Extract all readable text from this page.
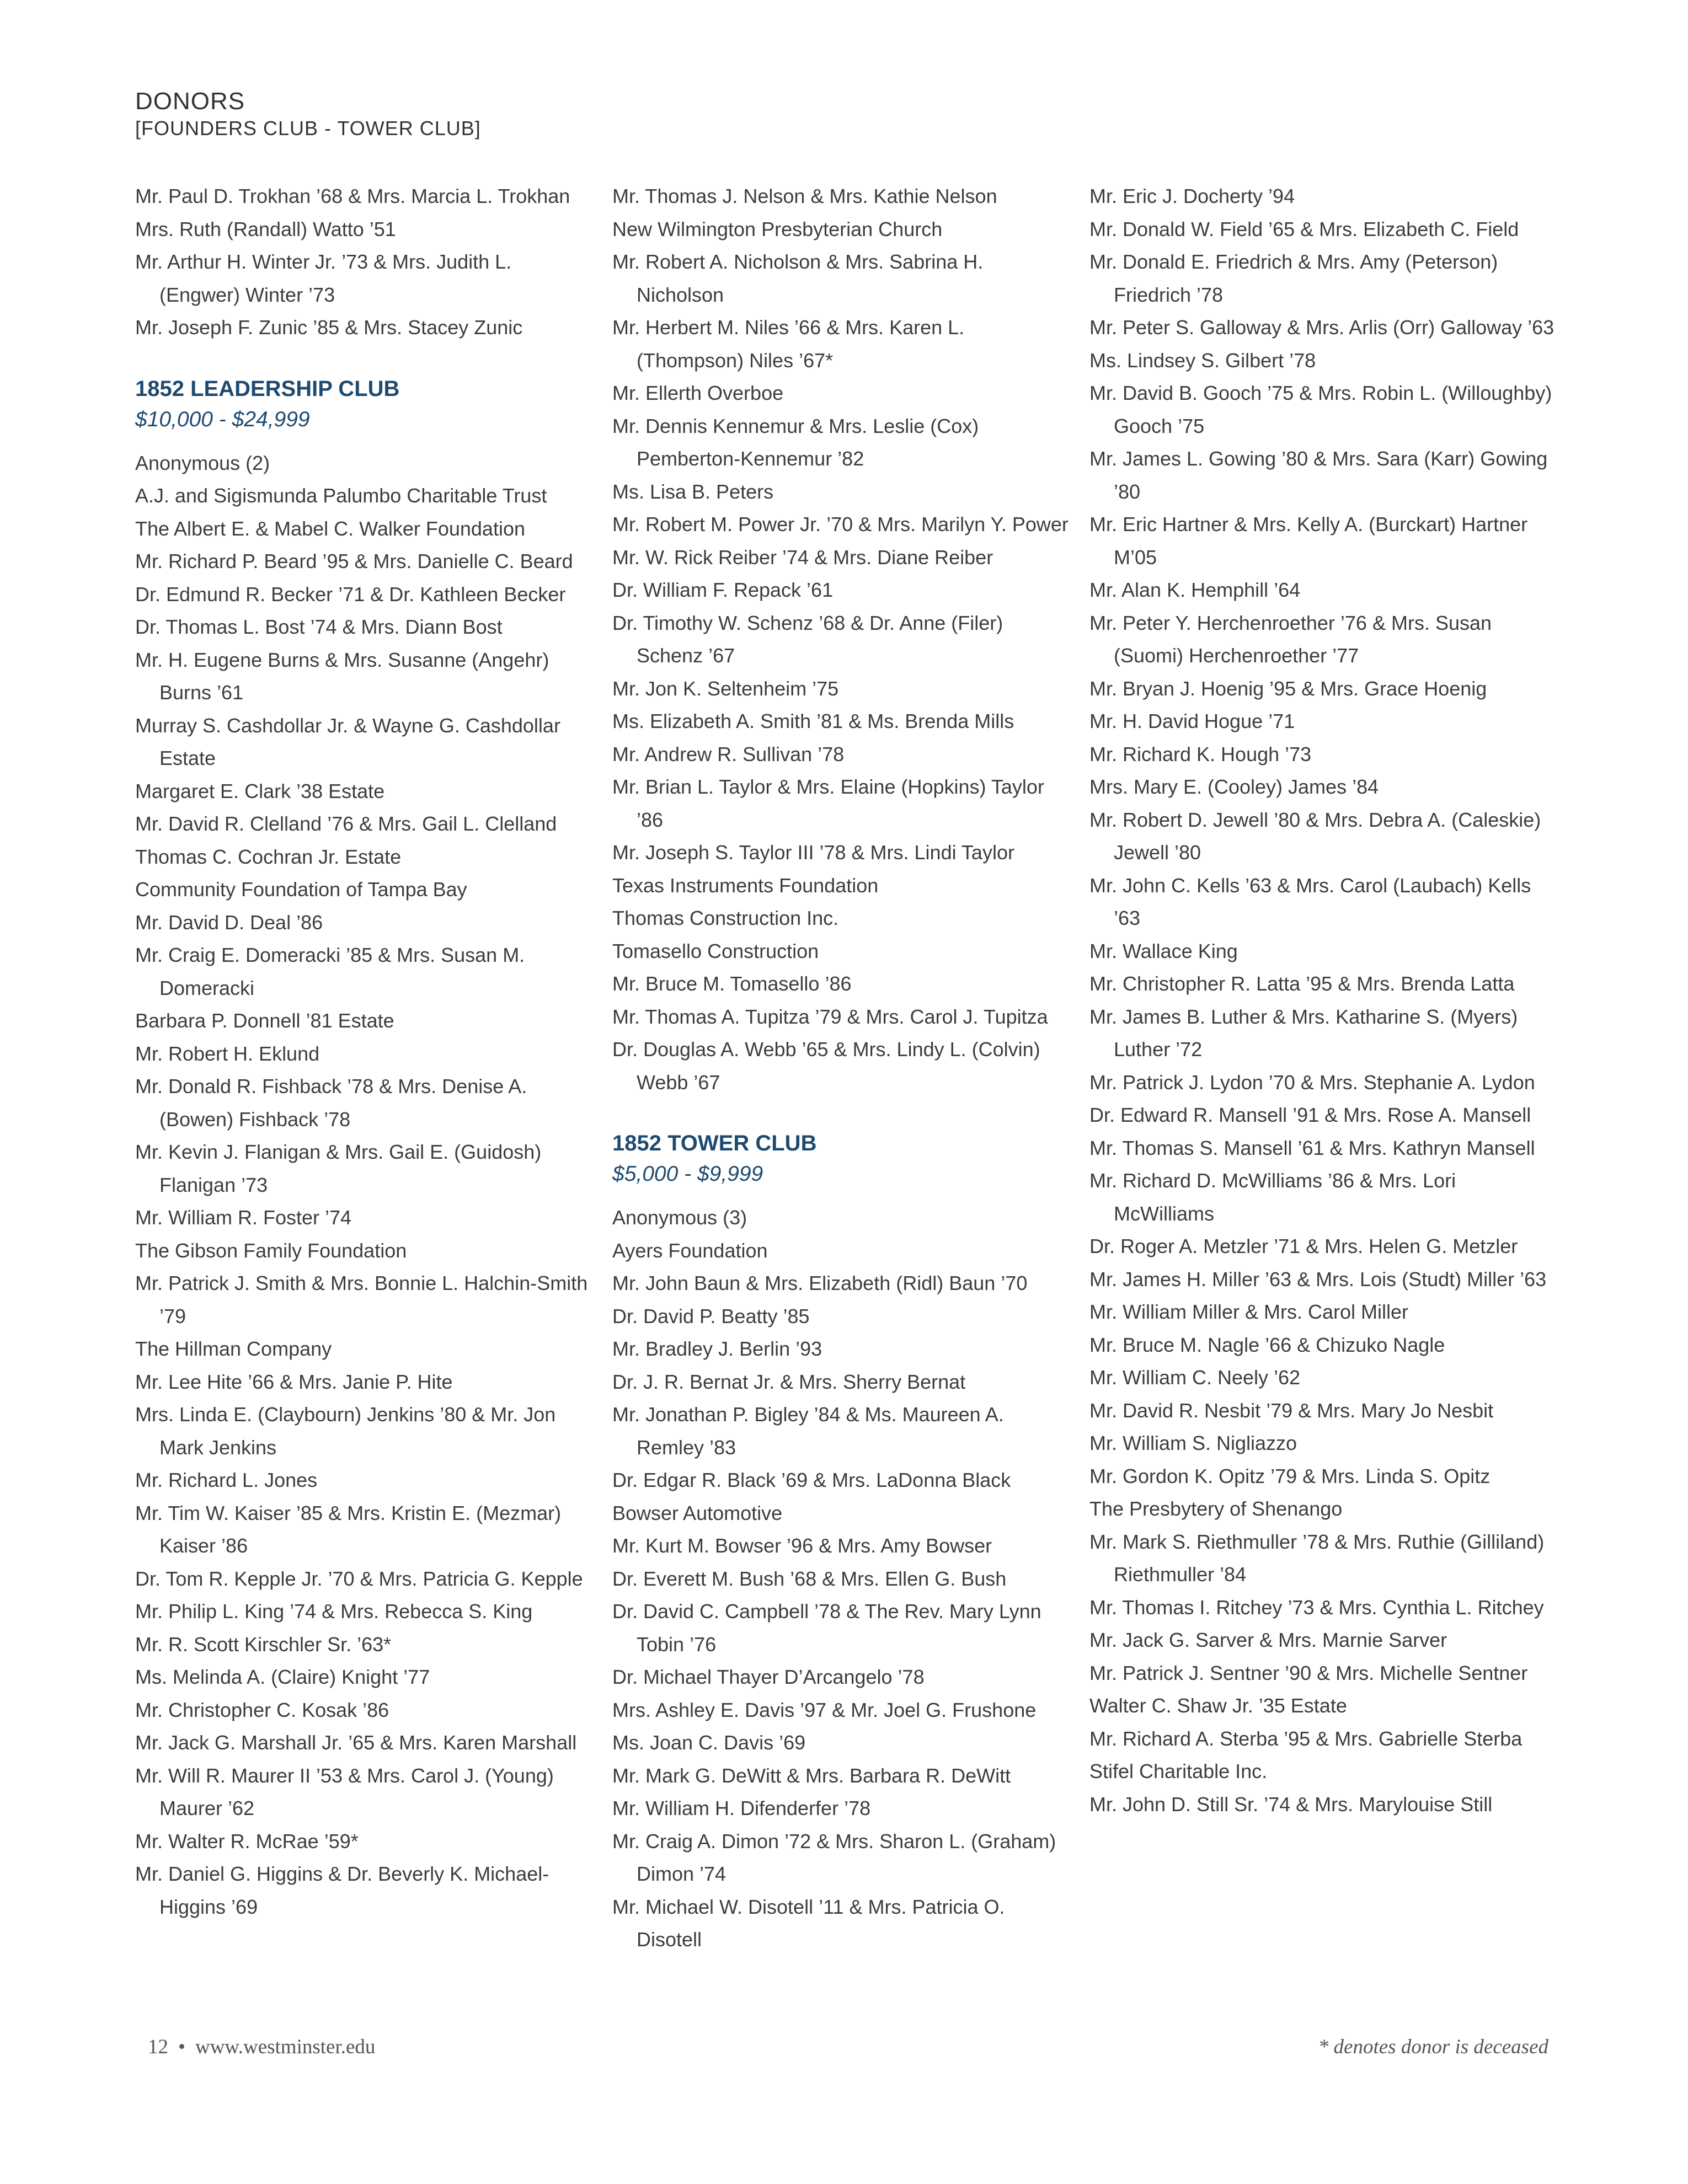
DONORS
[FOUNDERS CLUB - TOWER CLUB]
Mr. Paul D. Trokhan ’68 & Mrs. Marcia L. Trokhan
Mrs. Ruth (Randall) Watto ’51
Mr. Arthur H. Winter Jr. ’73 & Mrs. Judith L. (Engwer) Winter ’73
Mr. Joseph F. Zunic ’85 & Mrs. Stacey Zunic
1852 LEADERSHIP CLUB
$10,000 - $24,999
Anonymous (2)
A.J. and Sigismunda Palumbo Charitable Trust
The Albert E. & Mabel C. Walker Foundation
Mr. Richard P. Beard ’95 & Mrs. Danielle C. Beard
Dr. Edmund R. Becker ’71 & Dr. Kathleen Becker
Dr. Thomas L. Bost ’74 & Mrs. Diann Bost
Mr. H. Eugene Burns & Mrs. Susanne (Angehr) Burns ’61
Murray S. Cashdollar Jr. & Wayne G. Cashdollar Estate
Margaret E. Clark ’38 Estate
Mr. David R. Clelland ’76 & Mrs. Gail L. Clelland
Thomas C. Cochran Jr. Estate
Community Foundation of Tampa Bay
Mr. David D. Deal ’86
Mr. Craig E. Domeracki ’85 & Mrs. Susan M. Domeracki
Barbara P. Donnell ’81 Estate
Mr. Robert H. Eklund
Mr. Donald R. Fishback ’78 & Mrs. Denise A. (Bowen) Fishback ’78
Mr. Kevin J. Flanigan & Mrs. Gail E. (Guidosh) Flanigan ’73
Mr. William R. Foster ’74
The Gibson Family Foundation
Mr. Patrick J. Smith & Mrs. Bonnie L. Halchin-Smith ’79
The Hillman Company
Mr. Lee Hite ’66 & Mrs. Janie P. Hite
Mrs. Linda E. (Claybourn) Jenkins ’80 & Mr. Jon Mark Jenkins
Mr. Richard L. Jones
Mr. Tim W. Kaiser ’85 & Mrs. Kristin E. (Mezmar) Kaiser ’86
Dr. Tom R. Kepple Jr. ’70 & Mrs. Patricia G. Kepple
Mr. Philip L. King ’74 & Mrs. Rebecca S. King
Mr. R. Scott Kirschler Sr. ’63*
Ms. Melinda A. (Claire) Knight ’77
Mr. Christopher C. Kosak ’86
Mr. Jack G. Marshall Jr. ’65 & Mrs. Karen Marshall
Mr. Will R. Maurer II ’53 & Mrs. Carol J. (Young) Maurer ’62
Mr. Walter R. McRae ’59*
Mr. Daniel G. Higgins & Dr. Beverly K. Michael-Higgins ’69
Mr. Thomas J. Nelson & Mrs. Kathie Nelson
New Wilmington Presbyterian Church
Mr. Robert A. Nicholson & Mrs. Sabrina H. Nicholson
Mr. Herbert M. Niles ’66 & Mrs. Karen L. (Thompson) Niles ’67*
Mr. Ellerth Overboe
Mr. Dennis Kennemur & Mrs. Leslie (Cox) Pemberton-Kennemur ’82
Ms. Lisa B. Peters
Mr. Robert M. Power Jr. ’70 & Mrs. Marilyn Y. Power
Mr. W. Rick Reiber ’74 & Mrs. Diane Reiber
Dr. William F. Repack ’61
Dr. Timothy W. Schenz ’68 & Dr. Anne (Filer) Schenz ’67
Mr. Jon K. Seltenheim ’75
Ms. Elizabeth A. Smith ’81 & Ms. Brenda Mills
Mr. Andrew R. Sullivan ’78
Mr. Brian L. Taylor & Mrs. Elaine (Hopkins) Taylor ’86
Mr. Joseph S. Taylor III ’78 & Mrs. Lindi Taylor
Texas Instruments Foundation
Thomas Construction Inc.
Tomasello Construction
Mr. Bruce M. Tomasello ’86
Mr. Thomas A. Tupitza ’79 & Mrs. Carol J. Tupitza
Dr. Douglas A. Webb ’65 & Mrs. Lindy L. (Colvin) Webb ’67
1852 TOWER CLUB
$5,000 - $9,999
Anonymous (3)
Ayers Foundation
Mr. John Baun & Mrs. Elizabeth (Ridl) Baun ’70
Dr. David P. Beatty ’85
Mr. Bradley J. Berlin ’93
Dr. J. R. Bernat Jr. & Mrs. Sherry Bernat
Mr. Jonathan P. Bigley ’84 & Ms. Maureen A. Remley ’83
Dr. Edgar R. Black ’69 & Mrs. LaDonna Black
Bowser Automotive
Mr. Kurt M. Bowser ’96 & Mrs. Amy Bowser
Dr. Everett M. Bush ’68 & Mrs. Ellen G. Bush
Dr. David C. Campbell ’78 & The Rev. Mary Lynn Tobin ’76
Dr. Michael Thayer D’Arcangelo ’78
Mrs. Ashley E. Davis ’97 & Mr. Joel G. Frushone
Ms. Joan C. Davis ’69
Mr. Mark G. DeWitt & Mrs. Barbara R. DeWitt
Mr. William H. Difenderfer ’78
Mr. Craig A. Dimon ’72 & Mrs. Sharon L. (Graham) Dimon ’74
Mr. Michael W. Disotell ’11 & Mrs. Patricia O. Disotell
Mr. Eric J. Docherty ’94
Mr. Donald W. Field ’65 & Mrs. Elizabeth C. Field
Mr. Donald E. Friedrich & Mrs. Amy (Peterson) Friedrich ’78
Mr. Peter S. Galloway & Mrs. Arlis (Orr) Galloway ’63
Ms. Lindsey S. Gilbert ’78
Mr. David B. Gooch ’75 & Mrs. Robin L. (Willoughby) Gooch ’75
Mr. James L. Gowing ’80 & Mrs. Sara (Karr) Gowing ’80
Mr. Eric Hartner & Mrs. Kelly A. (Burckart) Hartner M’05
Mr. Alan K. Hemphill ’64
Mr. Peter Y. Herchenroether ’76 & Mrs. Susan (Suomi) Herchenroether ’77
Mr. Bryan J. Hoenig ’95 & Mrs. Grace Hoenig
Mr. H. David Hogue ’71
Mr. Richard K. Hough ’73
Mrs. Mary E. (Cooley) James ’84
Mr. Robert D. Jewell ’80 & Mrs. Debra A. (Caleskie) Jewell ’80
Mr. John C. Kells ’63 & Mrs. Carol (Laubach) Kells ’63
Mr. Wallace King
Mr. Christopher R. Latta ’95 & Mrs. Brenda Latta
Mr. James B. Luther & Mrs. Katharine S. (Myers) Luther ’72
Mr. Patrick J. Lydon ’70 & Mrs. Stephanie A. Lydon
Dr. Edward R. Mansell ’91 & Mrs. Rose A. Mansell
Mr. Thomas S. Mansell ’61 & Mrs. Kathryn Mansell
Mr. Richard D. McWilliams ’86 & Mrs. Lori McWilliams
Dr. Roger A. Metzler ’71 & Mrs. Helen G. Metzler
Mr. James H. Miller ’63 & Mrs. Lois (Studt) Miller ’63
Mr. William Miller & Mrs. Carol Miller
Mr. Bruce M. Nagle ’66 & Chizuko Nagle
Mr. William C. Neely ’62
Mr. David R. Nesbit ’79 & Mrs. Mary Jo Nesbit
Mr. William S. Nigliazzo
Mr. Gordon K. Opitz ’79 & Mrs. Linda S. Opitz
The Presbytery of Shenango
Mr. Mark S. Riethmuller ’78 & Mrs. Ruthie (Gilliland) Riethmuller ’84
Mr. Thomas I. Ritchey ’73 & Mrs. Cynthia L. Ritchey
Mr. Jack G. Sarver & Mrs. Marnie Sarver
Mr. Patrick J. Sentner ’90 & Mrs. Michelle Sentner
Walter C. Shaw Jr. ’35 Estate
Mr. Richard A. Sterba ’95 & Mrs. Gabrielle Sterba
Stifel Charitable Inc.
Mr. John D. Still Sr. ’74 & Mrs. Marylouise Still
12 • www.westminster.edu	* denotes donor is deceased
